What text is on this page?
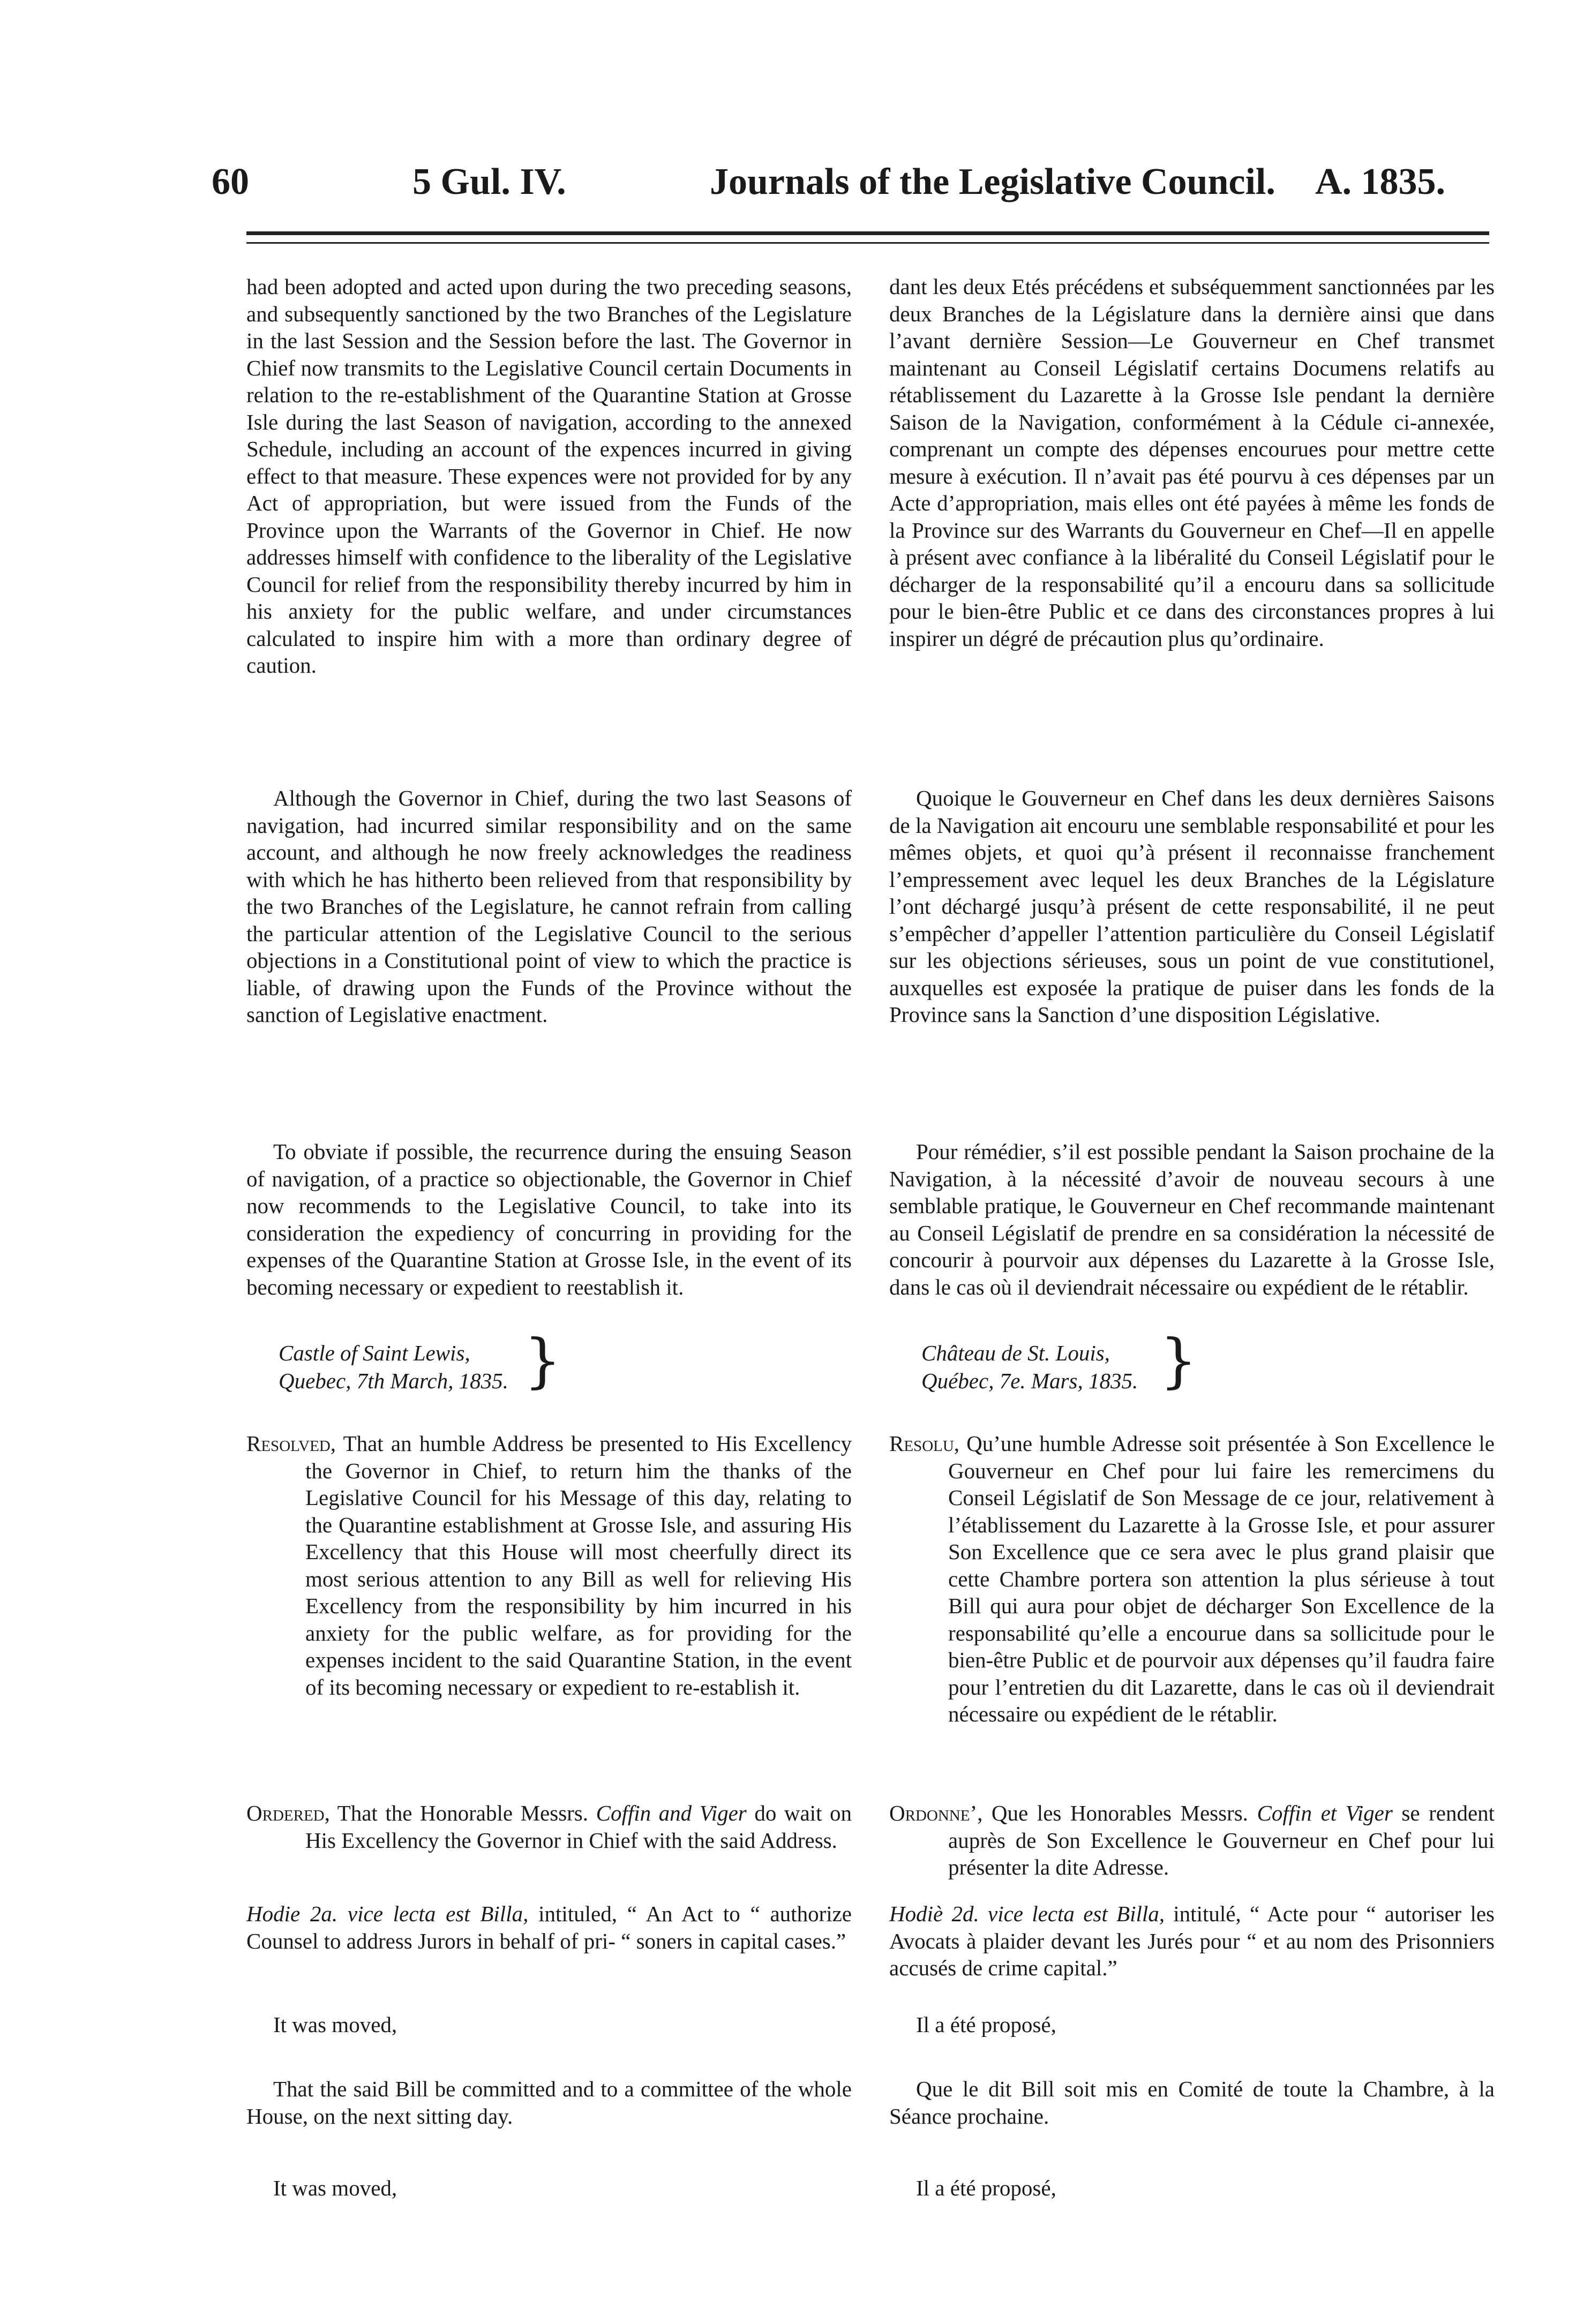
60	5 Gul. IV.	Journals of the Legislative Council. A. 1835.

had been adopted and acted upon during the two preceding seasons, and subsequently sanctioned by the two Branches of the Legislature in the last Session and the Session before the last. The Governor in Chief now transmits to the Legislative Council certain Documents in relation to the re-establishment of the Quarantine Station at Grosse Isle during the last Season of navigation, according to the annexed Schedule, including an account of the expences incurred in giving effect to that measure. These expences were not provided for by any Act of appropriation, but were issued from the Funds of the Province upon the Warrants of the Governor in Chief. He now addresses himself with confidence to the liberality of the Legislative Council for relief from the responsibility thereby incurred by him in his anxiety for the public welfare, and under circumstances calculated to inspire him with a more than ordinary degree of caution.

Although the Governor in Chief, during the two last Seasons of navigation, had incurred similar responsibility and on the same account, and although he now freely acknowledges the readiness with which he has hitherto been relieved from that responsibility by the two Branches of the Legislature, he cannot refrain from calling the particular attention of the Legislative Council to the serious objections in a Constitutional point of view to which the practice is liable, of drawing upon the Funds of the Province without the sanction of Legislative enactment.

To obviate if possible, the recurrence during the ensuing Season of navigation, of a practice so objectionable, the Governor in Chief now recommends to the Legislative Council, to take into its consideration the expediency of concurring in providing for the expenses of the Quarantine Station at Grosse Isle, in the event of its becoming necessary or expedient to reestablish it.

Castle of Saint Lewis,
Quebec, 7th March, 1835. }

Resolved, That an humble Address be presented to His Excellency the Governor in Chief, to return him the thanks of the Legislative Council for his Message of this day, relating to the Quarantine establishment at Grosse Isle, and assuring His Excellency that this House will most cheerfully direct its most serious attention to any Bill as well for relieving His Excellency from the responsibility by him incurred in his anxiety for the public welfare, as for providing for the expenses incident to the said Quarantine Station, in the event of its becoming necessary or expedient to re-establish it.

Ordered, That the Honorable Messrs. Coffin and Viger do wait on His Excellency the Governor in Chief with the said Address.

Hodie 2a. vice lecta est Billa, intituled, “ An Act to “ authorize Counsel to address Jurors in behalf of pri- “ soners in capital cases.”

It was moved,

That the said Bill be committed and to a committee of the whole House, on the next sitting day.

It was moved,

dant les deux Etés précédens et subséquemment sanctionnées par les deux Branches de la Législature dans la dernière ainsi que dans l’avant dernière Session—Le Gouverneur en Chef transmet maintenant au Conseil Législatif certains Documens relatifs au rétablissement du Lazarette à la Grosse Isle pendant la dernière Saison de la Navigation, conformément à la Cédule ci-annexée, comprenant un compte des dépenses encourues pour mettre cette mesure à exécution. Il n’avait pas été pourvu à ces dépenses par un Acte d’appropriation, mais elles ont été payées à même les fonds de la Province sur des Warrants du Gouverneur en Chef—Il en appelle à présent avec confiance à la libéralité du Conseil Législatif pour le décharger de la responsabilité qu’il a encouru dans sa sollicitude pour le bien-être Public et ce dans des circonstances propres à lui inspirer un dégré de précaution plus qu’ordinaire.

Quoique le Gouverneur en Chef dans les deux dernières Saisons de la Navigation ait encouru une semblable responsabilité et pour les mêmes objets, et quoi qu’à présent il reconnaisse franchement l’empressement avec lequel les deux Branches de la Législature l’ont déchargé jusqu’à présent de cette responsabilité, il ne peut s’empêcher d’appeller l’attention particulière du Conseil Législatif sur les objections sérieuses, sous un point de vue constitutionel, auxquelles est exposée la pratique de puiser dans les fonds de la Province sans la Sanction d’une disposition Législative.

Pour rémédier, s’il est possible pendant la Saison prochaine de la Navigation, à la nécessité d’avoir de nouveau secours à une semblable pratique, le Gouverneur en Chef recommande maintenant au Conseil Législatif de prendre en sa considération la nécessité de concourir à pourvoir aux dépenses du Lazarette à la Grosse Isle, dans le cas où il deviendrait nécessaire ou expédient de le rétablir.

Château de St. Louis,
Québec, 7e. Mars, 1835. }

Resolu, Qu’une humble Adresse soit présentée à Son Excellence le Gouverneur en Chef pour lui faire les remercimens du Conseil Législatif de Son Message de ce jour, relativement à l’établissement du Lazarette à la Grosse Isle, et pour assurer Son Excellence que ce sera avec le plus grand plaisir que cette Chambre portera son attention la plus sérieuse à tout Bill qui aura pour objet de décharger Son Excellence de la responsabilité qu’elle a encourue dans sa sollicitude pour le bien-être Public et de pourvoir aux dépenses qu’il faudra faire pour l’entretien du dit Lazarette, dans le cas où il deviendrait nécessaire ou expédient de le rétablir.

Ordonne’, Que les Honorables Messrs. Coffin et Viger se rendent auprès de Son Excellence le Gouverneur en Chef pour lui présenter la dite Adresse.

Hodiè 2d. vice lecta est Billa, intitulé, “ Acte pour “ autoriser les Avocats à plaider devant les Jurés pour “ et au nom des Prisonniers accusés de crime capital.”

Il a été proposé,

Que le dit Bill soit mis en Comité de toute la Chambre, à la Séance prochaine.

Il a été proposé,
